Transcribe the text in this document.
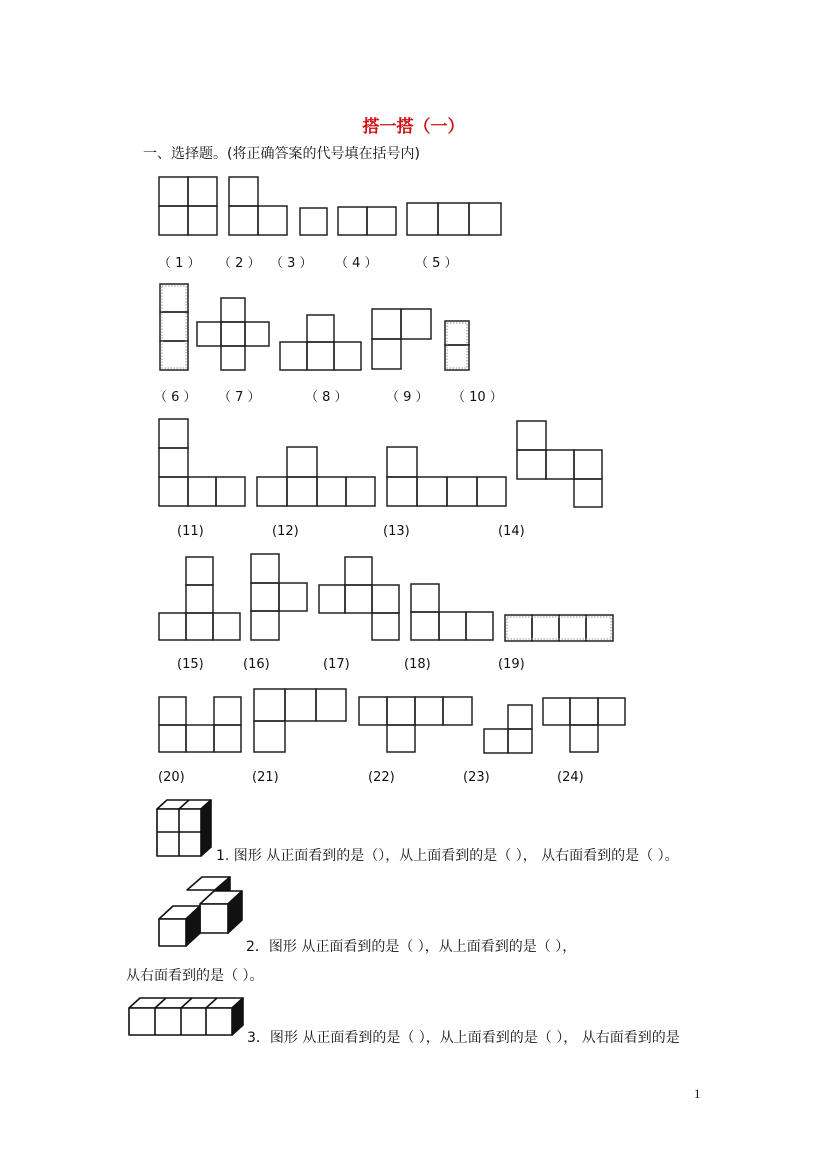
搭一搭（一）
一、选择题。(将正确答案的代号填在括号内)
（ 1 ） （ 2 ） （ 3 ） （ 4 ）	（ 5 ）
（ 6 ） （ 7 ）	（ 8 ）	（ 9 ） （ 10 ）
(11)	(12)	(13)	(14)
(15)	(16)	(17)	(18)	(19)
(20)	(21)	(22)	(23)	(24)
1. 图形 从正面看到的是（），从上面看到的是（ ）， 从右面看到的是（ ）。
2．图形 从正面看到的是（ ），从上面看到的是（ ），
从右面看到的是（ ）。
3．图形 从正面看到的是（ ），从上面看到的是（ ）， 从右面看到的是
1
